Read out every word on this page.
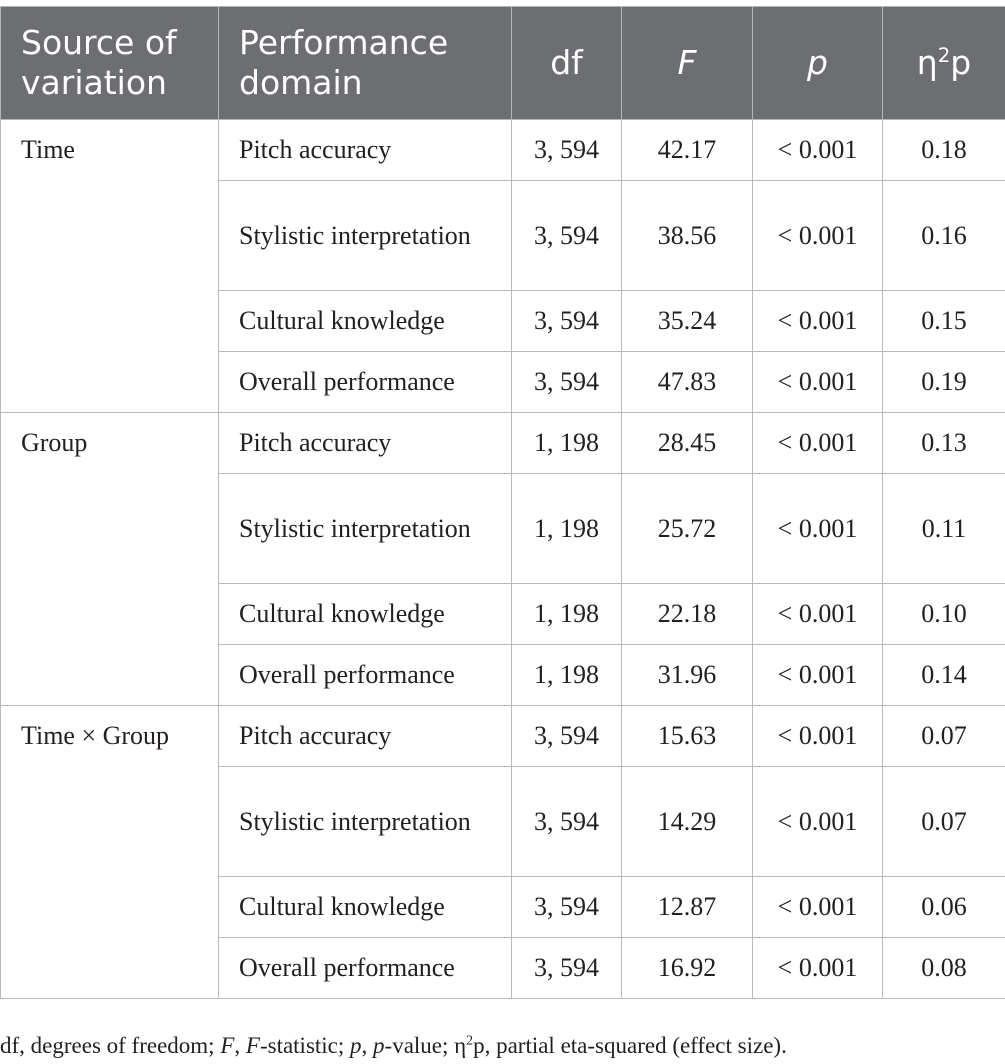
Source of variation	Performance domain	df	F	p	$\eta^2p$
Time	Pitch accuracy	3, 594	42.17	< 0.001	0.18
	Stylistic interpretation	3, 594	38.56	< 0.001	0.16
	Cultural knowledge	3, 594	35.24	< 0.001	0.15
	Overall performance	3, 594	47.83	< 0.001	0.19
Group	Pitch accuracy	1, 198	28.45	< 0.001	0.13
	Stylistic interpretation	1, 198	25.72	< 0.001	0.11
	Cultural knowledge	1, 198	22.18	< 0.001	0.10
	Overall performance	1, 198	31.96	< 0.001	0.14
Time × Group	Pitch accuracy	3, 594	15.63	< 0.001	0.07
	Stylistic interpretation	3, 594	14.29	< 0.001	0.07
	Cultural knowledge	3, 594	12.87	< 0.001	0.06
	Overall performance	3, 594	16.92	< 0.001	0.08
df, degrees of freedom; F, F-statistic; p, p-value; $\eta^2p$, partial eta-squared (effect size).
